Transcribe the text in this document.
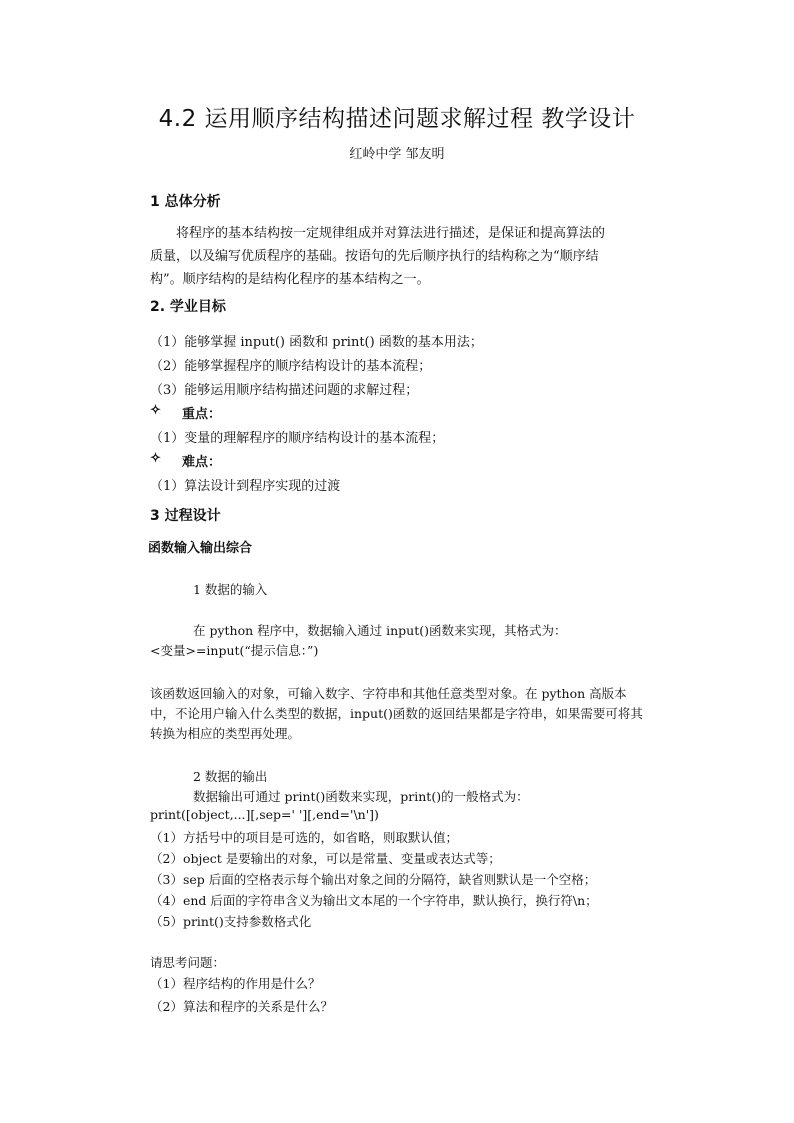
4.2 运用顺序结构描述问题求解过程 教学设计
红岭中学 邹友明
1 总体分析
将程序的基本结构按一定规律组成并对算法进行描述，是保证和提高算法的
质量，以及编写优质程序的基础。按语句的先后顺序执行的结构称之为“顺序结
构”。顺序结构的是结构化程序的基本结构之一。
2. 学业目标
（1）能够掌握 input() 函数和 print() 函数的基本用法；
（2）能够掌握程序的顺序结构设计的基本流程；
（3）能够运用顺序结构描述问题的求解过程；
✧ 重点：
（1）变量的理解程序的顺序结构设计的基本流程；
✧ 难点：
（1）算法设计到程序实现的过渡
3 过程设计
函数输入输出综合
1 数据的输入
在 python 程序中，数据输入通过 input()函数来实现，其格式为：
<变量>=input(“提示信息：”)
该函数返回输入的对象，可输入数字、字符串和其他任意类型对象。在 python 高版本
中，不论用户输入什么类型的数据，input()函数的返回结果都是字符串，如果需要可将其
转换为相应的类型再处理。
2 数据的输出
数据输出可通过 print()函数来实现，print()的一般格式为：
print([object,...][,sep=' '][,end='\n'])
（1）方括号中的项目是可选的，如省略，则取默认值；
（2）object 是要输出的对象，可以是常量、变量或表达式等；
（3）sep 后面的空格表示每个输出对象之间的分隔符，缺省则默认是一个空格；
（4）end 后面的字符串含义为输出文本尾的一个字符串，默认换行，换行符\n；
（5）print()支持参数格式化
请思考问题：
（1）程序结构的作用是什么？
（2）算法和程序的关系是什么？
